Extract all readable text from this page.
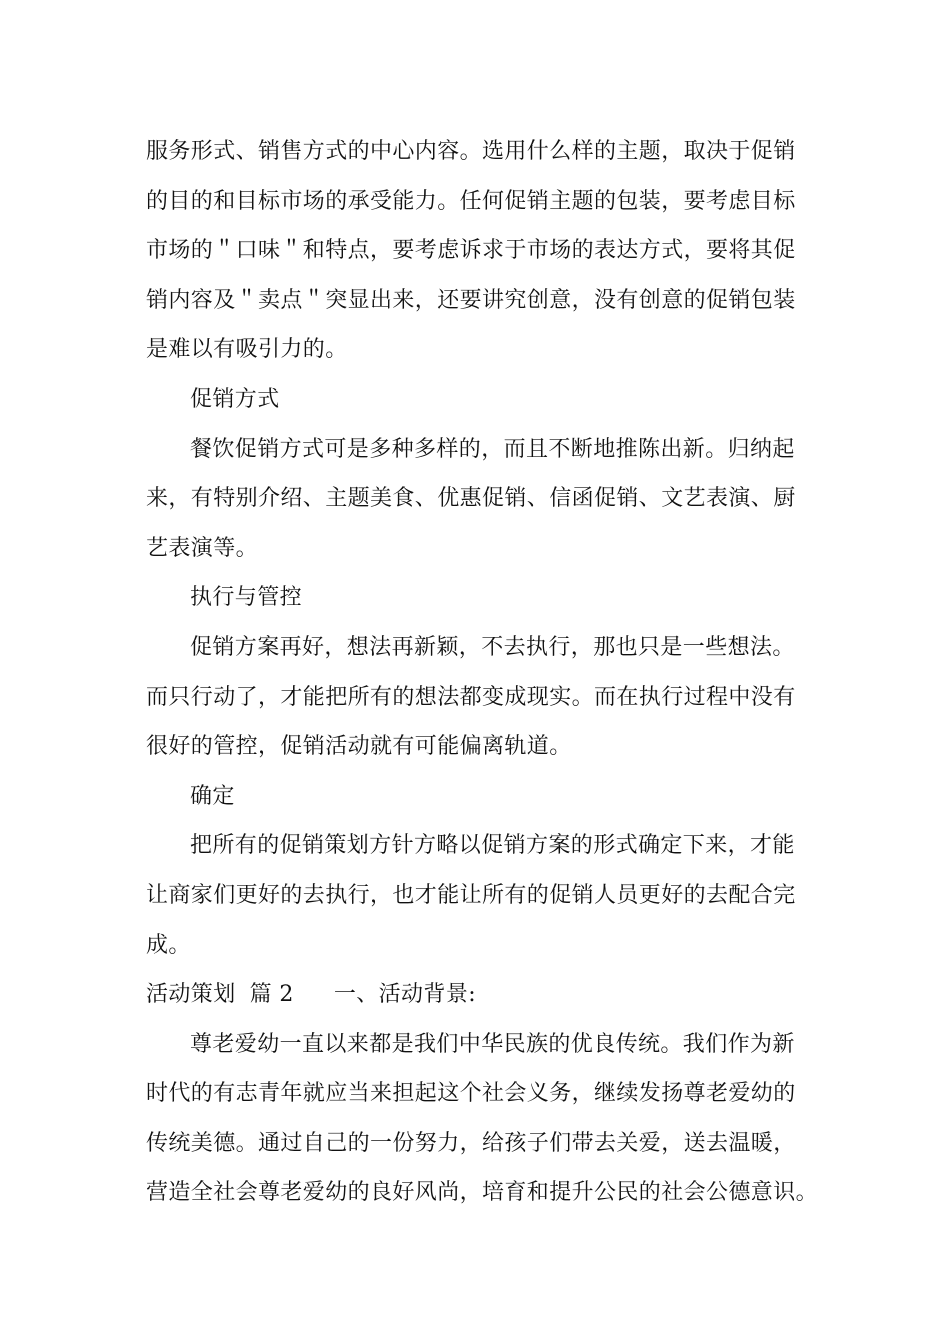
服务形式、销售方式的中心内容。选用什么样的主题，取决于促销
的目的和目标市场的承受能力。任何促销主题的包装，要考虑目标
市场的＂口味＂和特点，要考虑诉求于市场的表达方式，要将其促
销内容及＂卖点＂突显出来，还要讲究创意，没有创意的促销包装
是难以有吸引力的。
促销方式
餐饮促销方式可是多种多样的，而且不断地推陈出新。归纳起
来，有特别介绍、主题美食、优惠促销、信函促销、文艺表演、厨
艺表演等。
执行与管控
促销方案再好，想法再新颖，不去执行，那也只是一些想法。
而只行动了，才能把所有的想法都变成现实。而在执行过程中没有
很好的管控，促销活动就有可能偏离轨道。
确定
把所有的促销策划方针方略以促销方案的形式确定下来，才能
让商家们更好的去执行，也才能让所有的促销人员更好的去配合完
成。
活动策划 篇 2 一、活动背景:
尊老爱幼一直以来都是我们中华民族的优良传统。我们作为新
时代的有志青年就应当来担起这个社会义务，继续发扬尊老爱幼的
传统美德。通过自己的一份努力，给孩子们带去关爱，送去温暖，
营造全社会尊老爱幼的良好风尚，培育和提升公民的社会公德意识。
